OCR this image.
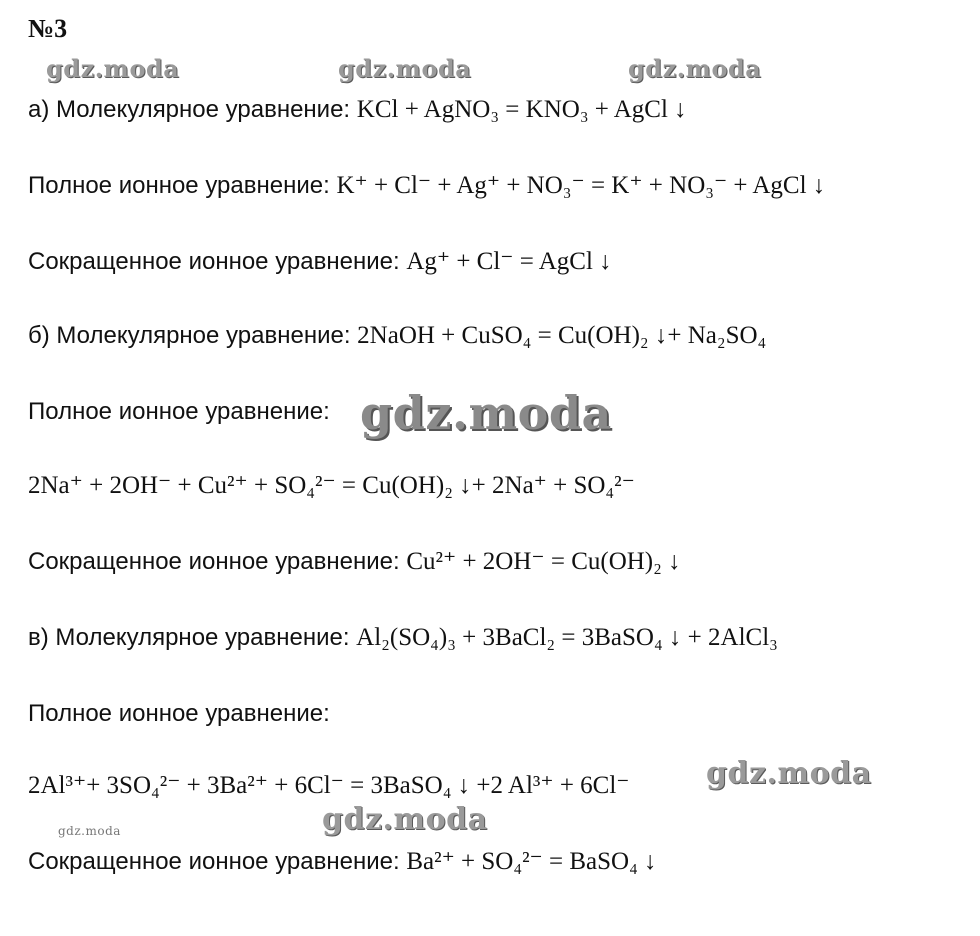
№3
gdz.moda	gdz.moda	gdz.moda
gdz.moda
gdz.moda
gdz.moda
gdz.moda
а) Молекулярное уравнение: KCl + AgNO₃ = KNO₃ + AgCl ↓
Полное ионное уравнение: K⁺ + Cl⁻ + Ag⁺ + NO₃⁻ = K⁺ + NO₃⁻ + AgCl ↓
Сокращенное ионное уравнение: Ag⁺ + Cl⁻ = AgCl ↓
б) Молекулярное уравнение: 2NaOH + CuSO₄ = Cu(OH)₂ ↓+ Na₂SO₄
Полное ионное уравнение:
2Na⁺ + 2OH⁻ + Cu²⁺ + SO₄²⁻ = Cu(OH)₂ ↓+ 2Na⁺ + SO₄²⁻
Сокращенное ионное уравнение: Cu²⁺ + 2OH⁻ = Cu(OH)₂ ↓
в) Молекулярное уравнение: Al₂(SO₄)₃ + 3BaCl₂ = 3BaSO₄ ↓ + 2AlCl₃
Полное ионное уравнение:
2Al³⁺+ 3SO₄²⁻ + 3Ba²⁺ + 6Cl⁻ = 3BaSO₄ ↓ +2 Al³⁺ + 6Cl⁻
Сокращенное ионное уравнение: Ba²⁺ + SO₄²⁻ = BaSO₄ ↓
